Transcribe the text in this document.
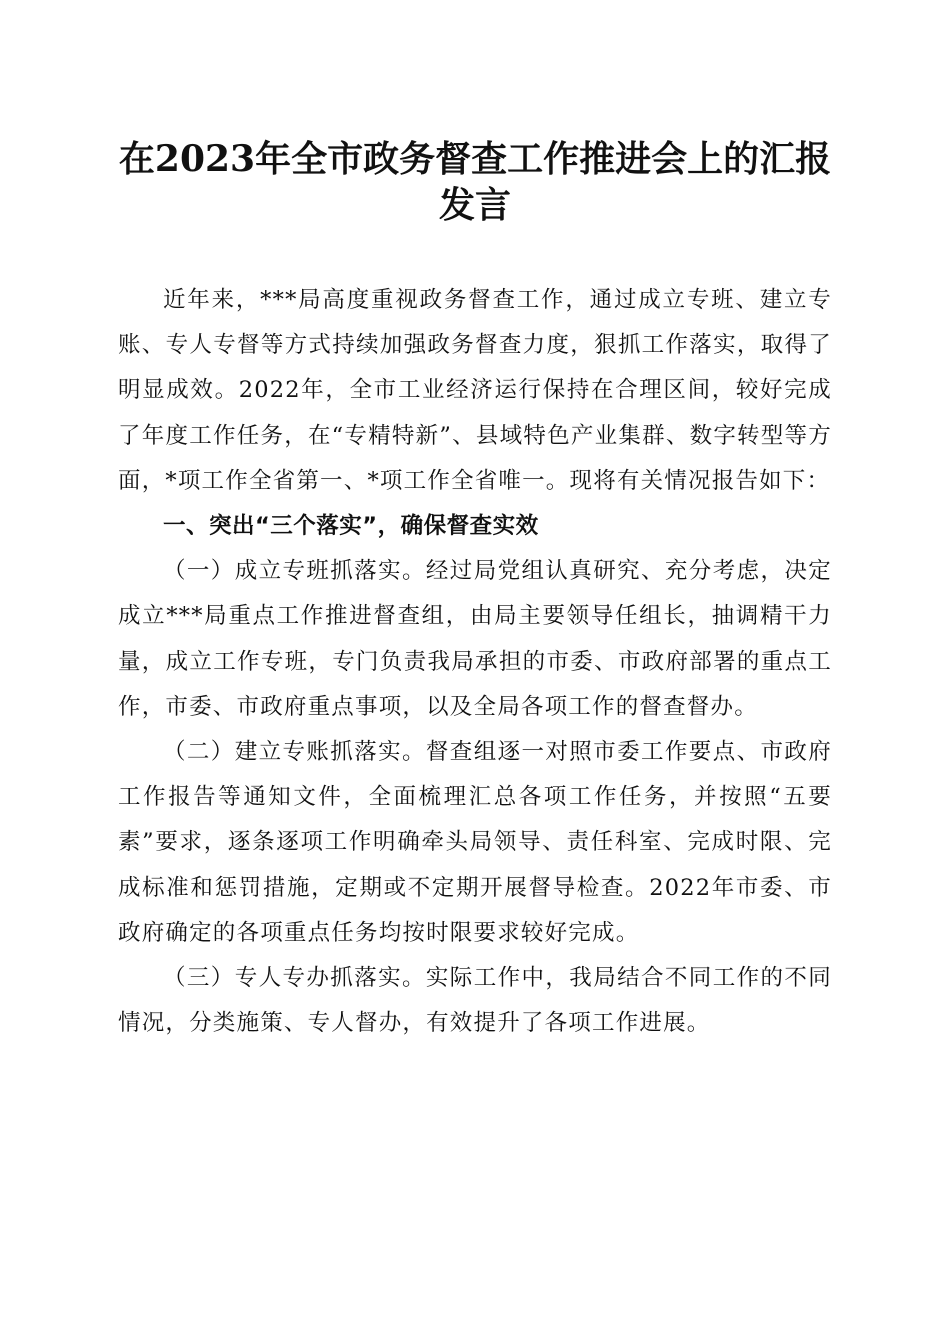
在2023年全市政务督查工作推进会上的汇报发言

近年来，***局高度重视政务督查工作，通过成立专班、建立专账、专人专督等方式持续加强政务督查力度，狠抓工作落实，取得了明显成效。2022年，全市工业经济运行保持在合理区间，较好完成了年度工作任务，在“专精特新”、县域特色产业集群、数字转型等方面，*项工作全省第一、*项工作全省唯一。现将有关情况报告如下：

一、突出“三个落实”，确保督查实效

（一）成立专班抓落实。经过局党组认真研究、充分考虑，决定成立***局重点工作推进督查组，由局主要领导任组长，抽调精干力量，成立工作专班，专门负责我局承担的市委、市政府部署的重点工作，市委、市政府重点事项，以及全局各项工作的督查督办。

（二）建立专账抓落实。督查组逐一对照市委工作要点、市政府工作报告等通知文件，全面梳理汇总各项工作任务，并按照“五要素”要求，逐条逐项工作明确牵头局领导、责任科室、完成时限、完成标准和惩罚措施，定期或不定期开展督导检查。2022年市委、市政府确定的各项重点任务均按时限要求较好完成。

（三）专人专办抓落实。实际工作中，我局结合不同工作的不同情况，分类施策、专人督办，有效提升了各项工作进展。
